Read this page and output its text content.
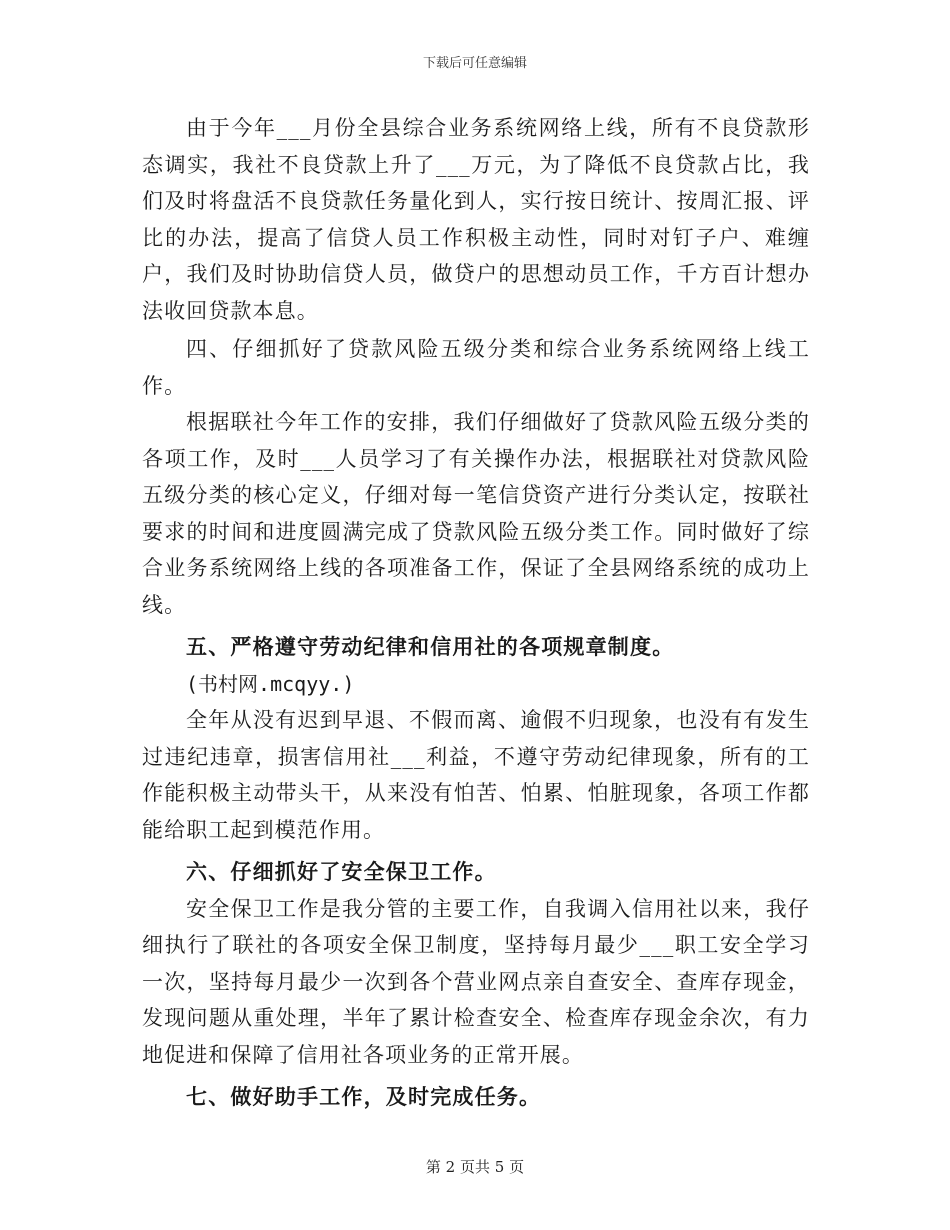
下载后可任意编辑

由于今年___月份全县综合业务系统网络上线，所有不良贷款形态调实，我社不良贷款上升了___万元，为了降低不良贷款占比，我们及时将盘活不良贷款任务量化到人，实行按日统计、按周汇报、评比的办法，提高了信贷人员工作积极主动性，同时对钉子户、难缠户，我们及时协助信贷人员，做贷户的思想动员工作，千方百计想办法收回贷款本息。

四、仔细抓好了贷款风险五级分类和综合业务系统网络上线工作。

根据联社今年工作的安排，我们仔细做好了贷款风险五级分类的各项工作，及时___人员学习了有关操作办法，根据联社对贷款风险五级分类的核心定义，仔细对每一笔信贷资产进行分类认定，按联社要求的时间和进度圆满完成了贷款风险五级分类工作。同时做好了综合业务系统网络上线的各项准备工作，保证了全县网络系统的成功上线。

五、严格遵守劳动纪律和信用社的各项规章制度。

(书村网.mcqyy.)

全年从没有迟到早退、不假而离、逾假不归现象，也没有有发生过违纪违章，损害信用社___利益，不遵守劳动纪律现象，所有的工作能积极主动带头干，从来没有怕苦、怕累、怕脏现象，各项工作都能给职工起到模范作用。

六、仔细抓好了安全保卫工作。

安全保卫工作是我分管的主要工作，自我调入信用社以来，我仔细执行了联社的各项安全保卫制度，坚持每月最少___职工安全学习一次，坚持每月最少一次到各个营业网点亲自查安全、查库存现金，发现问题从重处理，半年了累计检查安全、检查库存现金余次，有力地促进和保障了信用社各项业务的正常开展。

七、做好助手工作，及时完成任务。

第 2 页共 5 页
